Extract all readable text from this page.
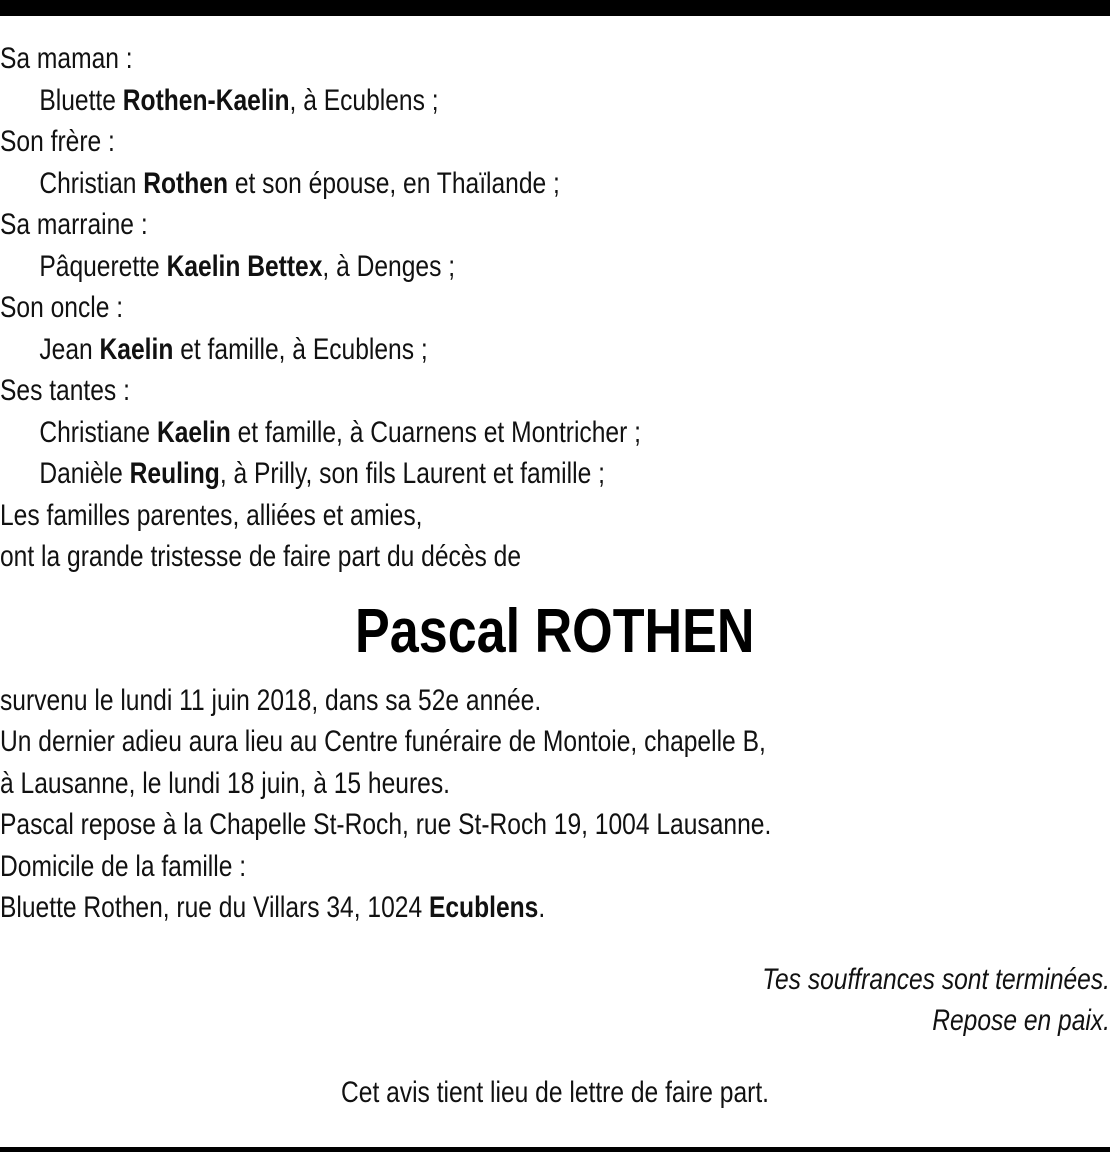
Sa maman :
Bluette Rothen-Kaelin, à Ecublens ;
Son frère :
Christian Rothen et son épouse, en Thaïlande ;
Sa marraine :
Pâquerette Kaelin Bettex, à Denges ;
Son oncle :
Jean Kaelin et famille, à Ecublens ;
Ses tantes :
Christiane Kaelin et famille, à Cuarnens et Montricher ;
Danièle Reuling, à Prilly, son fils Laurent et famille ;
Les familles parentes, alliées et amies,
ont la grande tristesse de faire part du décès de
Pascal ROTHEN
survenu le lundi 11 juin 2018, dans sa 52e année.
Un dernier adieu aura lieu au Centre funéraire de Montoie, chapelle B,
à Lausanne, le lundi 18 juin, à 15 heures.
Pascal repose à la Chapelle St-Roch, rue St-Roch 19, 1004 Lausanne.
Domicile de la famille :
Bluette Rothen, rue du Villars 34, 1024 Ecublens.
Tes souffrances sont terminées.
Repose en paix.
Cet avis tient lieu de lettre de faire part.
